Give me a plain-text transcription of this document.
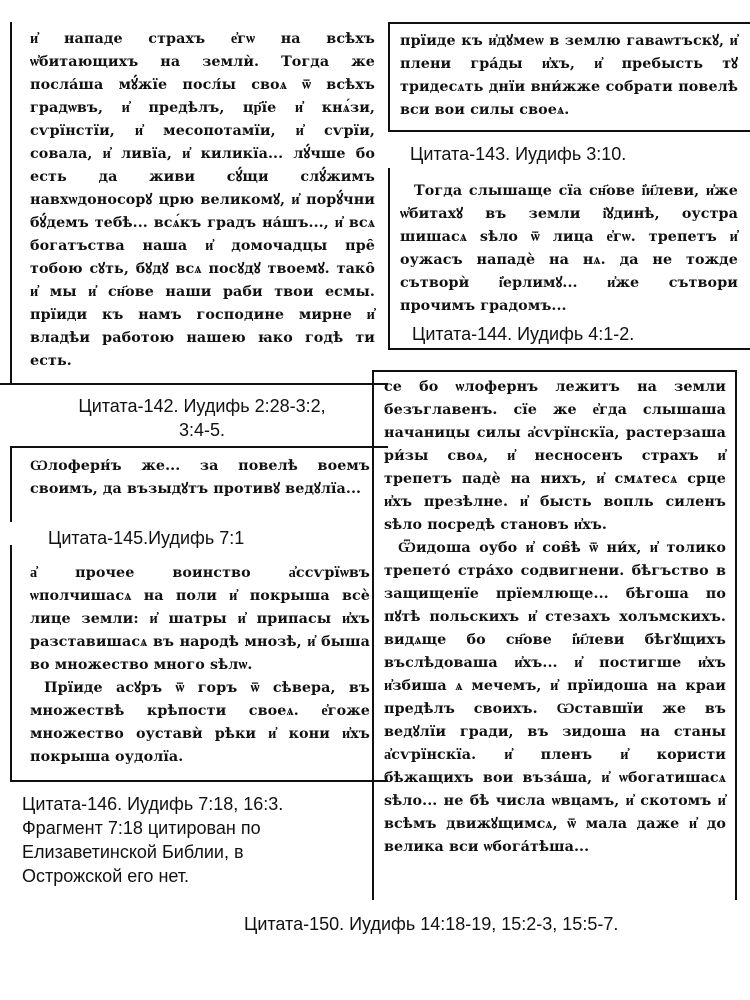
и҆ нападе страхъ е҆гѡ на всѣхъ ѡ҆битающихъ на землѝ. Тогда же посла́ша мꙋ́жїе посл́ы своѧ ѿ всѣхъ градѡвъ, и҆ предѣлъ, цр҃їе и҆ кнѧ́зи, сѵрїнстїи, и҆ месопотамїи, и҆ сѵрїи, совала, и҆ ливїа, и҆ киликїа... лꙋ́чше бо есть да живи сꙋ́щи слꙋ́жимъ навхѡдоносорꙋ црю великомꙋ, и҆ порꙋ́чни бꙋ́демъ тебѣ... всѧ́къ градъ на́шъ..., и҆ всѧ богатъства наша и҆ домочадцы пре̑ тобою сꙋть, бꙋдꙋ всѧ посꙋдꙋ твоемꙋ. тако̑ и҆ мы и҆ сн҃ове наши раби твои есмы. прїиди къ намъ господине мирне и҆ владѣи работою нашею ꙗко годѣ ти есть.

Цитата-142. Иудифь 2:28-3:2,
3:4-5.

прїиде къ и҆дꙋмеѡ в землю гаваѡтъскꙋ, и҆ плени гра́ды и҆хъ, и҆ пребысть тꙋ тридесѧть днїи вни́жже собрати повелѣ вси вои силы своеѧ.

Цитата-143. Иудифь 3:10.

Тогда слышаще сїа сн҃ове і҆и҃леви, и҆же ѡ҆битахꙋ въ земли і҆ꙋдинѣ, оустра шишасѧ ѕѣло ѿ лица е҆гѡ. трепетъ и҆ оужасъ нападѐ на нѧ. да не тожде сътворѝ і҆ерлимꙋ... и҆же сътвори прочимъ градомъ...

Цитата-144. Иудифь 4:1-2.

Ѡлоферн́ъ же... за повелѣ воемъ своимъ, да възыдꙋтъ противꙋ ведꙋлїа...

Цитата-145.Иудифь 7:1

а҆ прочее воинство а҆ссѵрїѡвъ ѡполчишасѧ на поли и҆ покрыша всѐ лице земли: и҆ шатры и҆ припасы и҆хъ разставишасѧ въ народѣ мнозѣ, и҆ быша во множество много ѕѣлѡ.

Прїиде асꙋръ ѿ горъ ѿ сѣвера, въ множествѣ крѣпости своеѧ. е҆гоже множество оуставѝ рѣки и҆ кони и҆хъ покрыша оудолїа.

Цитата-146. Иудифь 7:18, 16:3.
Фрагмент 7:18 цитирован по
Елизаветинской Библии, в
Острожской его нет.

се бо ѡлофернъ лежитъ на земли безъглавенъ. сїе же е҆гда слышаша начаницы силы а҆сѵрїнскїа, растерзаша ри́зы своѧ, и҆ несносенъ страхъ и҆ трепетъ падѐ на нихъ, и҆ смѧтесѧ срце и҆хъ презѣлне. и҆ бысть вопль силенъ ѕѣло посредѣ становъ и҆хъ.

Ѿидоша оубо и҆ сов̑ѣ ѿ ни́х, и҆ толико трепето́ стра́хо содвигнени. бѣгъство в защищенїе прїемлюще... бѣгоша по пꙋтѣ польскихъ и҆ стезахъ холъмскихъ. видѧще бо сн҃ове і҆и҃леви бѣгꙋщихъ въслѣдоваша и҆хъ... и҆ постигше и҆хъ и҆збиша ѧ мечемъ, и҆ прїидоша на краи предѣлъ своихъ. Ѡставшїи же въ ведꙋлїи гради, въ зидоша на станы а҆сѵрїнскїа. и҆ пленъ и҆ користи бѣжащихъ вои въза́ша, и҆ ѡбогатишасѧ ѕѣло... не бѣ числа ѡвцамъ, и҆ скотомъ и҆ всѣмъ движꙋщимсѧ, ѿ мала даже и҆ до велика вси ѡбога́тѣша...

Цитата-150. Иудифь 14:18-19, 15:2-3, 15:5-7.
